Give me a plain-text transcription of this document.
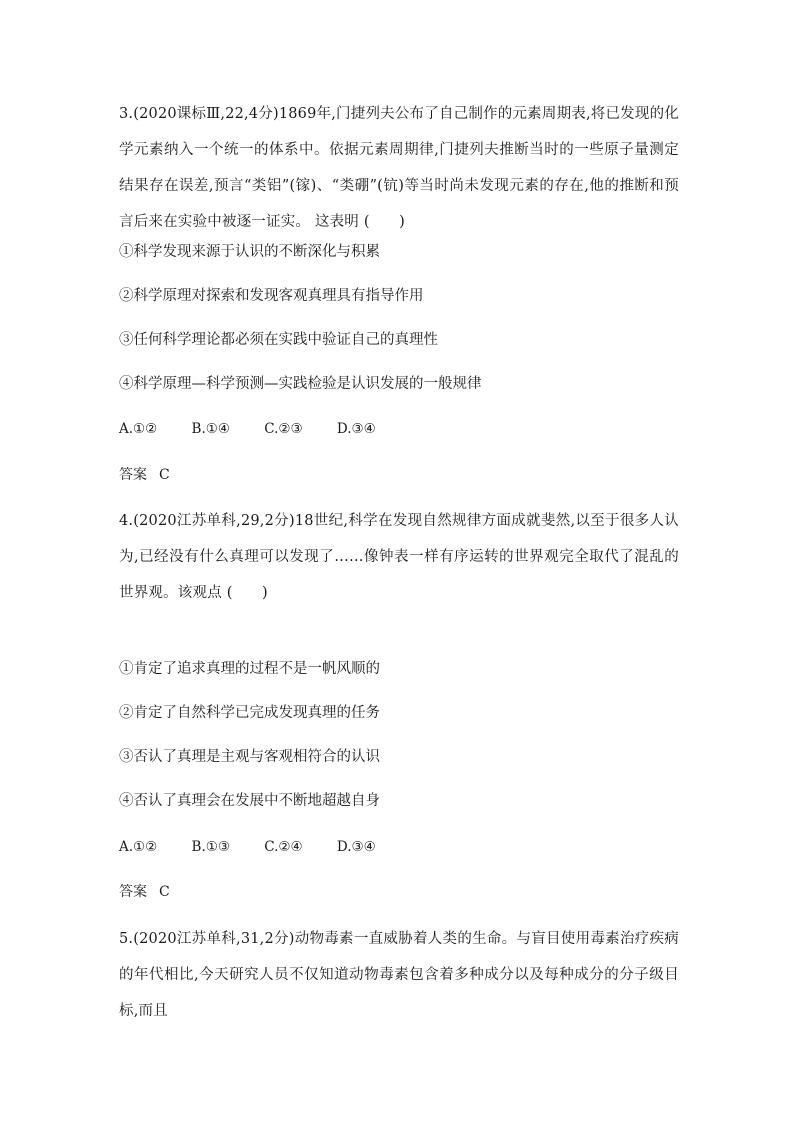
3.(2020课标Ⅲ,22,4分)1869年,门捷列夫公布了自己制作的元素周期表,将已发现的化学元素纳入一个统一的体系中。依据元素周期律,门捷列夫推断当时的一些原子量测定结果存在误差,预言“类铝”(镓)、“类硼”(钪)等当时尚未发现元素的存在,他的推断和预言后来在实验中被逐一证实。 这表明 (　　)

①科学发现来源于认识的不断深化与积累

②科学原理对探索和发现客观真理具有指导作用

③任何科学理论都必须在实践中验证自己的真理性

④科学原理—科学预测—实践检验是认识发展的一般规律

A.①②	B.①④	C.②③	D.③④
答案 C

4.(2020江苏单科,29,2分)18世纪,科学在发现自然规律方面成就斐然,以至于很多人认为,已经没有什么真理可以发现了……像钟表一样有序运转的世界观完全取代了混乱的世界观。该观点 (　　)

①肯定了追求真理的过程不是一帆风顺的

②肯定了自然科学已完成发现真理的任务

③否认了真理是主观与客观相符合的认识

④否认了真理会在发展中不断地超越自身

A.①②	B.①③	C.②④	D.③④
答案 C

5.(2020江苏单科,31,2分)动物毒素一直威胁着人类的生命。与盲目使用毒素治疗疾病的年代相比,今天研究人员不仅知道动物毒素包含着多种成分以及每种成分的分子级目标,而且
